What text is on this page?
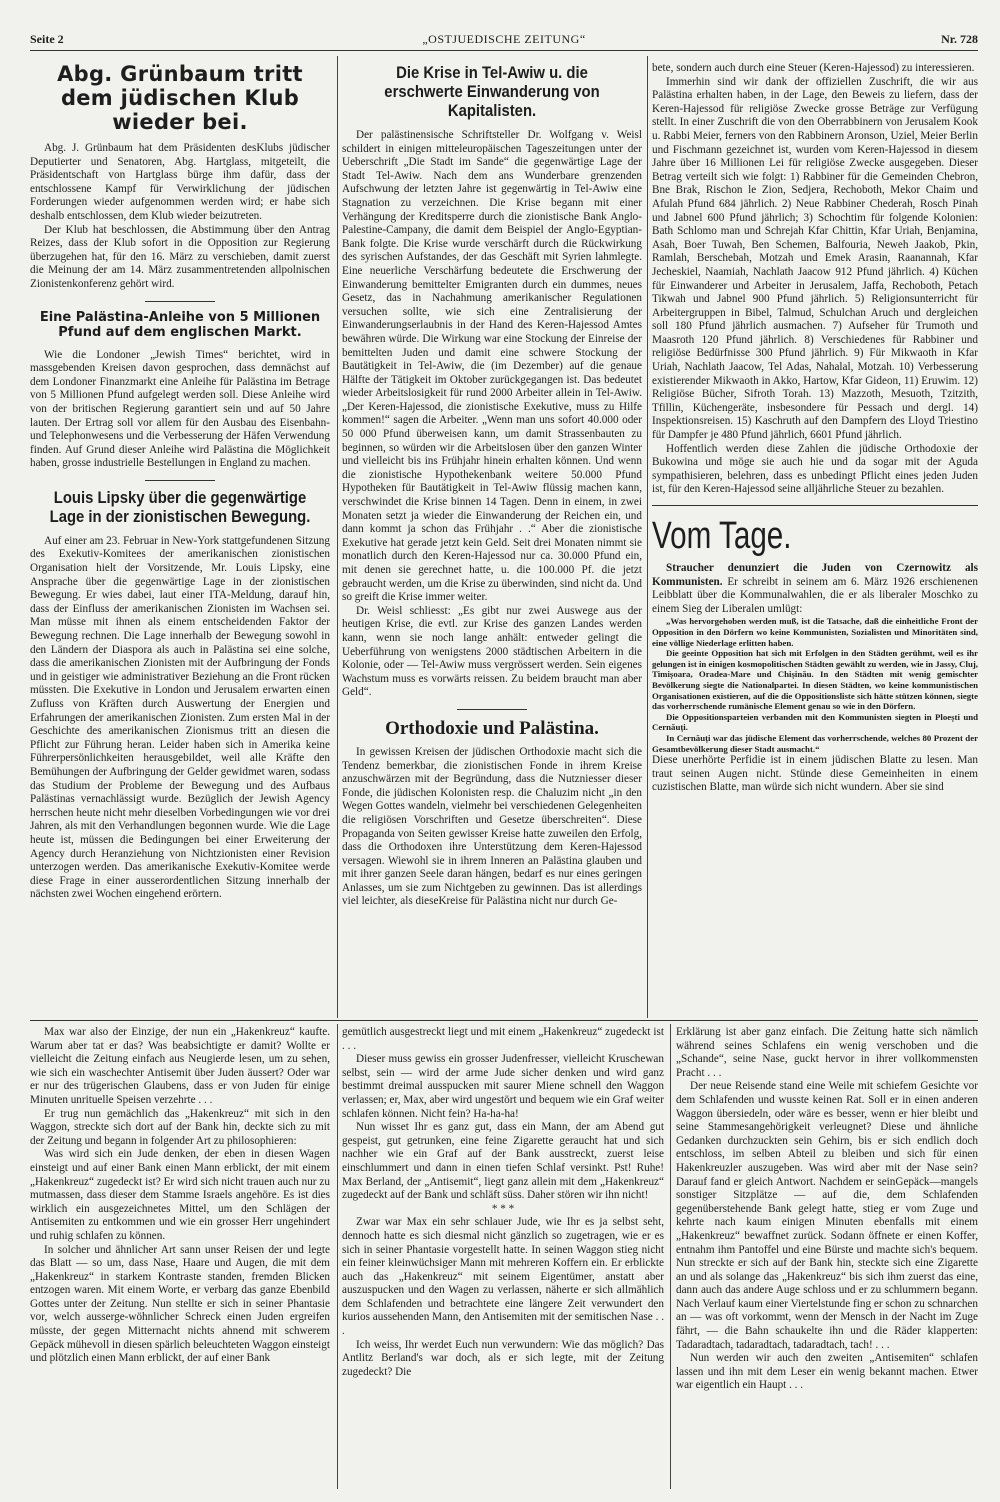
Seite 2	„OSTJUEDISCHE ZEITUNG“	Nr. 728
Abg. Grünbaum tritt dem jüdischen Klub wieder bei.

Abg. J. Grünbaum hat dem Präsidenten desKlubs jüdischer Deputierter und Senatoren, Abg. Hartglass, mitgeteilt, die Präsidentschaft von Hartglass bürge ihm dafür, dass der entschlossene Kampf für Verwirklichung der jüdischen Forderungen wieder aufgenommen werden wird; er habe sich deshalb entschlossen, dem Klub wieder beizutreten.

Der Klub hat beschlossen, die Abstimmung über den Antrag Reizes, dass der Klub sofort in die Opposition zur Regierung überzugehen hat, für den 16. März zu verschieben, damit zuerst die Meinung der am 14. März zusammentretenden allpolnischen Zionistenkonferenz gehört wird.

Eine Palästina-Anleihe von 5 Millionen Pfund auf dem englischen Markt.

Wie die Londoner „Jewish Times“ berichtet, wird in massgebenden Kreisen davon gesprochen, dass demnächst auf dem Londoner Finanzmarkt eine Anleihe für Palästina im Betrage von 5 Millionen Pfund aufgelegt werden soll. Diese Anleihe wird von der britischen Regierung garantiert sein und auf 50 Jahre lauten. Der Ertrag soll vor allem für den Ausbau des Eisenbahn- und Telephonwesens und die Verbesserung der Häfen Verwendung finden. Auf Grund dieser Anleihe wird Palästina die Möglichkeit haben, grosse industrielle Bestellungen in England zu machen.

Louis Lipsky über die gegenwärtige Lage in der zionistischen Bewegung.

Auf einer am 23. Februar in New-York stattgefundenen Sitzung des Exekutiv-Komitees der amerikanischen zionistischen Organisation hielt der Vorsitzende, Mr. Louis Lipsky, eine Ansprache über die gegenwärtige Lage in der zionistischen Bewegung. Er wies dabei, laut einer ITA-Meldung, darauf hin, dass der Einfluss der amerikanischen Zionisten im Wachsen sei. Man müsse mit ihnen als einem entscheidenden Faktor der Bewegung rechnen. Die Lage innerhalb der Bewegung sowohl in den Ländern der Diaspora als auch in Palästina sei eine solche, dass die amerikanischen Zionisten mit der Aufbringung der Fonds und in geistiger wie administrativer Beziehung an die Front rücken müssten. Die Exekutive in London und Jerusalem erwarten einen Zufluss von Kräften durch Auswertung der Energien und Erfahrungen der amerikanischen Zionisten. Zum ersten Mal in der Geschichte des amerikanischen Zionismus tritt an diesen die Pflicht zur Führung heran. Leider haben sich in Amerika keine Führerpersönlichkeiten herausgebildet, weil alle Kräfte den Bemühungen der Aufbringung der Gelder gewidmet waren, sodass das Studium der Probleme der Bewegung und des Aufbaus Palästinas vernachlässigt wurde. Bezüglich der Jewish Agency herrschen heute nicht mehr dieselben Vorbedingungen wie vor drei Jahren, als mit den Verhandlungen begonnen wurde. Wie die Lage heute ist, müssen die Bedingungen bei einer Erweiterung der Agency durch Heranziehung von Nichtzionisten einer Revision unterzogen werden. Das amerikanische Exekutiv-Komitee werde diese Frage in einer ausserordentlichen Sitzung innerhalb der nächsten zwei Wochen eingehend erörtern.

Die Krise in Tel-Awiw u. die erschwerte Einwanderung von Kapitalisten.

Der palästinensische Schriftsteller Dr. Wolfgang v. Weisl schildert in einigen mitteleuropäischen Tageszeitungen unter der Ueberschrift „Die Stadt im Sande“ die gegenwärtige Lage der Stadt Tel-Awiw. Nach dem ans Wunderbare grenzenden Aufschwung der letzten Jahre ist gegenwärtig in Tel-Awiw eine Stagnation zu verzeichnen. Die Krise begann mit einer Verhängung der Kreditsperre durch die zionistische Bank Anglo-Palestine-Campany, die damit dem Beispiel der Anglo-Egyptian-Bank folgte. Die Krise wurde verschärft durch die Rückwirkung des syrischen Aufstandes, der das Geschäft mit Syrien lahmlegte. Eine neuerliche Verschärfung bedeutete die Erschwerung der Einwanderung bemittelter Emigranten durch ein dummes, neues Gesetz, das in Nachahmung amerikanischer Regulationen versuchen sollte, wie sich eine Zentralisierung der Einwanderungserlaubnis in der Hand des Keren-Hajessod Amtes bewähren würde. Die Wirkung war eine Stockung der Einreise der bemittelten Juden und damit eine schwere Stockung der Bautätigkeit in Tel-Awiw, die (im Dezember) auf die genaue Hälfte der Tätigkeit im Oktober zurückgegangen ist. Das bedeutet wieder Arbeitslosigkeit für rund 2000 Arbeiter allein in Tel-Awiw. „Der Keren-Hajessod, die zionistische Exekutive, muss zu Hilfe kommen!“ sagen die Arbeiter. „Wenn man uns sofort 40.000 oder 50 000 Pfund überweisen kann, um damit Strassenbauten zu beginnen, so würden wir die Arbeitslosen über den ganzen Winter und vielleicht bis ins Frühjahr hinein erhalten können. Und wenn die zionistische Hypothekenbank weitere 50.000 Pfund Hypotheken für Bautätigkeit in Tel-Awiw flüssig machen kann, verschwindet die Krise binnen 14 Tagen. Denn in einem, in zwei Monaten setzt ja wieder die Einwanderung der Reichen ein, und dann kommt ja schon das Frühjahr . .“ Aber die zionistische Exekutive hat gerade jetzt kein Geld. Seit drei Monaten nimmt sie monatlich durch den Keren-Hajessod nur ca. 30.000 Pfund ein, mit denen sie gerechnet hatte, u. die 100.000 Pf. die jetzt gebraucht werden, um die Krise zu überwinden, sind nicht da. Und so greift die Krise immer weiter.

Dr. Weisl schliesst: „Es gibt nur zwei Auswege aus der heutigen Krise, die evtl. zur Krise des ganzen Landes werden kann, wenn sie noch lange anhält: entweder gelingt die Ueberführung von wenigstens 2000 städtischen Arbeitern in die Kolonie, oder — Tel-Awiw muss vergrössert werden. Sein eigenes Wachstum muss es vorwärts reissen. Zu beidem braucht man aber Geld“.

Orthodoxie und Palästina.

In gewissen Kreisen der jüdischen Orthodoxie macht sich die Tendenz bemerkbar, die zionistischen Fonde in ihrem Kreise anzuschwärzen mit der Begründung, dass die Nutzniesser dieser Fonde, die jüdischen Kolonisten resp. die Chaluzim nicht „in den Wegen Gottes wandeln, vielmehr bei verschiedenen Gelegenheiten die religiösen Vorschriften und Gesetze überschreiten“. Diese Propaganda von Seiten gewisser Kreise hatte zuweilen den Erfolg, dass die Orthodoxen ihre Unterstützung dem Keren-Hajessod versagen. Wiewohl sie in ihrem Inneren an Palästina glauben und mit ihrer ganzen Seele daran hängen, bedarf es nur eines geringen Anlasses, um sie zum Nichtgeben zu gewinnen. Das ist allerdings viel leichter, als dieseKreise für Palästina nicht nur durch Ge-

bete, sondern auch durch eine Steuer (Keren-Hajessod) zu interessieren.

Immerhin sind wir dank der offiziellen Zuschrift, die wir aus Palästina erhalten haben, in der Lage, den Beweis zu liefern, dass der Keren-Hajessod für religiöse Zwecke grosse Beträge zur Verfügung stellt. In einer Zuschrift die von den Oberrabbinern von Jerusalem Kook u. Rabbi Meier, ferners von den Rabbinern Aronson, Uziel, Meier Berlin und Fischmann gezeichnet ist, wurden vom Keren-Hajessod in diesem Jahre über 16 Millionen Lei für religiöse Zwecke ausgegeben. Dieser Betrag verteilt sich wie folgt: 1) Rabbiner für die Gemeinden Chebron, Bne Brak, Rischon le Zion, Sedjera, Rechoboth, Mekor Chaim und Afulah Pfund 684 jährlich. 2) Neue Rabbiner Chederah, Rosch Pinah und Jabnel 600 Pfund jährlich; 3) Schochtim für folgende Kolonien: Bath Schlomo man und Schrejah Kfar Chittin, Kfar Uriah, Benjamina, Asah, Boer Tuwah, Ben Schemen, Balfouria, Neweh Jaakob, Pkin, Ramlah, Berschebah, Motzah und Emek Arasin, Raanannah, Kfar Jecheskiel, Naamiah, Nachlath Jaacow 912 Pfund jährlich. 4) Küchen für Einwanderer und Arbeiter in Jerusalem, Jaffa, Rechoboth, Petach Tikwah und Jabnel 900 Pfund jährlich. 5) Religionsunterricht für Arbeitergruppen in Bibel, Talmud, Schulchan Aruch und dergleichen soll 180 Pfund jährlich ausmachen. 7) Aufseher für Trumoth und Maasroth 120 Pfund jährlich. 8) Verschiedenes für Rabbiner und religiöse Bedürfnisse 300 Pfund jährlich. 9) Für Mikwaoth in Kfar Uriah, Nachlath Jaacow, Tel Adas, Nahalal, Motzah. 10) Verbesserung existierender Mikwaoth in Akko, Hartow, Kfar Gideon, 11) Eruwim. 12) Religiöse Bücher, Sifroth Torah. 13) Mazzoth, Mesuoth, Tzitzith, Tfillin, Küchengeräte, insbesondere für Pessach und dergl. 14) Inspektionsreisen. 15) Kaschruth auf den Dampfern des Lloyd Triestino für Dampfer je 480 Pfund jährlich, 6601 Pfund jährlich.

Hoffentlich werden diese Zahlen die jüdische Orthodoxie der Bukowina und möge sie auch hie und da sogar mit der Aguda sympathisieren, belehren, dass es unbedingt Pflicht eines jeden Juden ist, für den Keren-Hajessod seine alljährliche Steuer zu bezahlen.

Vom Tage.

Straucher denunziert die Juden von Czernowitz als Kommunisten. Er schreibt in seinem am 6. März 1926 erschienenen Leibblatt über die Kommunalwahlen, die er als liberaler Moschko zu einem Sieg der Liberalen umlügt:

„Was hervorgehoben werden muß, ist die Tatsache, daß die einheitliche Front der Opposition in den Dörfern wo keine Kommunisten, Sozialisten und Minoritäten sind, eine völlige Niederlage erlitten haben.

Die geeinte Opposition hat sich mit Erfolgen in den Städten gerühmt, weil es ihr gelungen ist in einigen kosmopolitischen Städten gewählt zu werden, wie in Jassy, Cluj, Timișoara, Oradea-Mare und Chișinău. In den Städten mit wenig gemischter Bevölkerung siegte die Nationalpartei. In diesen Städten, wo keine kommunistischen Organisationen existieren, auf die die Oppositionsliste sich hätte stützen können, siegte das vorherrschende rumänische Element genau so wie in den Dörfern.

Die Oppositionsparteien verbanden mit den Kommunisten siegten in Ploești und Cernăuți.

In Cernăuți war das jüdische Element das vorherrschende, welches 80 Prozent der Gesamtbevölkerung dieser Stadt ausmacht.“

Diese unerhörte Perfidie ist in einem jüdischen Blatte zu lesen. Man traut seinen Augen nicht. Stünde diese Gemeinheiten in einem cuzistischen Blatte, man würde sich nicht wundern. Aber sie sind

Max war also der Einzige, der nun ein „Hakenkreuz“ kaufte. Warum aber tat er das? Was beabsichtigte er damit? Wollte er vielleicht die Zeitung einfach aus Neugierde lesen, um zu sehen, wie sich ein waschechter Antisemit über Juden äussert? Oder war er nur des trügerischen Glaubens, dass er von Juden für einige Minuten unrituelle Speisen verzehrte . . .

Er trug nun gemächlich das „Hakenkreuz“ mit sich in den Waggon, streckte sich dort auf der Bank hin, deckte sich zu mit der Zeitung und begann in folgender Art zu philosophieren:

Was wird sich ein Jude denken, der eben in diesen Wagen einsteigt und auf einer Bank einen Mann erblickt, der mit einem „Hakenkreuz“ zugedeckt ist? Er wird sich nicht trauen auch nur zu mutmassen, dass dieser dem Stamme Israels angehöre. Es ist dies wirklich ein ausgezeichnetes Mittel, um den Schlägen der Antisemiten zu entkommen und wie ein grosser Herr ungehindert und ruhig schlafen zu können.

In solcher und ähnlicher Art sann unser Reisen der und legte das Blatt — so um, dass Nase, Haare und Augen, die mit dem „Hakenkreuz“ in starkem Kontraste standen, fremden Blicken entzogen waren. Mit einem Worte, er verbarg das ganze Ebenbild Gottes unter der Zeitung. Nun stellte er sich in seiner Phantasie vor, welch ausserge-wöhnlicher Schreck einen Juden ergreifen müsste, der gegen Mitternacht nichts ahnend mit schwerem Gepäck mühevoll in diesen spärlich beleuchteten Waggon einsteigt und plötzlich einen Mann erblickt, der auf einer Bank

gemütlich ausgestreckt liegt und mit einem „Hakenkreuz“ zugedeckt ist . . .

Dieser muss gewiss ein grosser Judenfresser, vielleicht Kruschewan selbst, sein — wird der arme Jude sicher denken und wird ganz bestimmt dreimal ausspucken mit saurer Miene schnell den Waggon verlassen; er, Max, aber wird ungestört und bequem wie ein Graf weiter schlafen können. Nicht fein? Ha-ha-ha!

Nun wisset Ihr es ganz gut, dass ein Mann, der am Abend gut gespeist, gut getrunken, eine feine Zigarette geraucht hat und sich nachher wie ein Graf auf der Bank ausstreckt, zuerst leise einschlummert und dann in einen tiefen Schlaf versinkt. Pst! Ruhe! Max Berland, der „Antisemit“, liegt ganz allein mit dem „Hakenkreuz“ zugedeckt auf der Bank und schläft süss. Daher stören wir ihn nicht!

* * *

Zwar war Max ein sehr schlauer Jude, wie Ihr es ja selbst seht, dennoch hatte es sich diesmal nicht gänzlich so zugetragen, wie er es sich in seiner Phantasie vorgestellt hatte. In seinen Waggon stieg nicht ein feiner kleinwüchsiger Mann mit mehreren Koffern ein. Er erblickte auch das „Hakenkreuz“ mit seinem Eigentümer, anstatt aber auszuspucken und den Wagen zu verlassen, näherte er sich allmählich dem Schlafenden und betrachtete eine längere Zeit verwundert den kurios aussehenden Mann, den Antisemiten mit der semitischen Nase . . .

Ich weiss, Ihr werdet Euch nun verwundern: Wie das möglich? Das Antlitz Berland's war doch, als er sich legte, mit der Zeitung zugedeckt? Die

Erklärung ist aber ganz einfach. Die Zeitung hatte sich nämlich während seines Schlafens ein wenig verschoben und die „Schande“, seine Nase, guckt hervor in ihrer vollkommensten Pracht . . .

Der neue Reisende stand eine Weile mit schiefem Gesichte vor dem Schlafenden und wusste keinen Rat. Soll er in einen anderen Waggon übersiedeln, oder wäre es besser, wenn er hier bleibt und seine Stammesangehörigkeit verleugnet? Diese und ähnliche Gedanken durchzuckten sein Gehirn, bis er sich endlich doch entschloss, im selben Abteil zu bleiben und sich für einen Hakenkreuzler auszugeben. Was wird aber mit der Nase sein? Darauf fand er gleich Antwort. Nachdem er seinGepäck—mangels sonstiger Sitzplätze — auf die, dem Schlafenden gegenüberstehende Bank gelegt hatte, stieg er vom Zuge und kehrte nach kaum einigen Minuten ebenfalls mit einem „Hakenkreuz“ bewaffnet zurück. Sodann öffnete er einen Koffer, entnahm ihm Pantoffel und eine Bürste und machte sich's bequem. Nun streckte er sich auf der Bank hin, steckte sich eine Zigarette an und als solange das „Hakenkreuz“ bis sich ihm zuerst das eine, dann auch das andere Auge schloss und er zu schlummern begann. Nach Verlauf kaum einer Viertelstunde fing er schon zu schnarchen an — was oft vorkommt, wenn der Mensch in der Nacht im Zuge fährt, — die Bahn schaukelte ihn und die Räder klapperten: Tadaradtach, tadaradtach, tadaradtach, tach! . . .

Nun werden wir auch den zweiten „Antisemiten“ schlafen lassen und ihn mit dem Leser ein wenig bekannt machen. Etwer war eigentlich ein Haupt . . .
